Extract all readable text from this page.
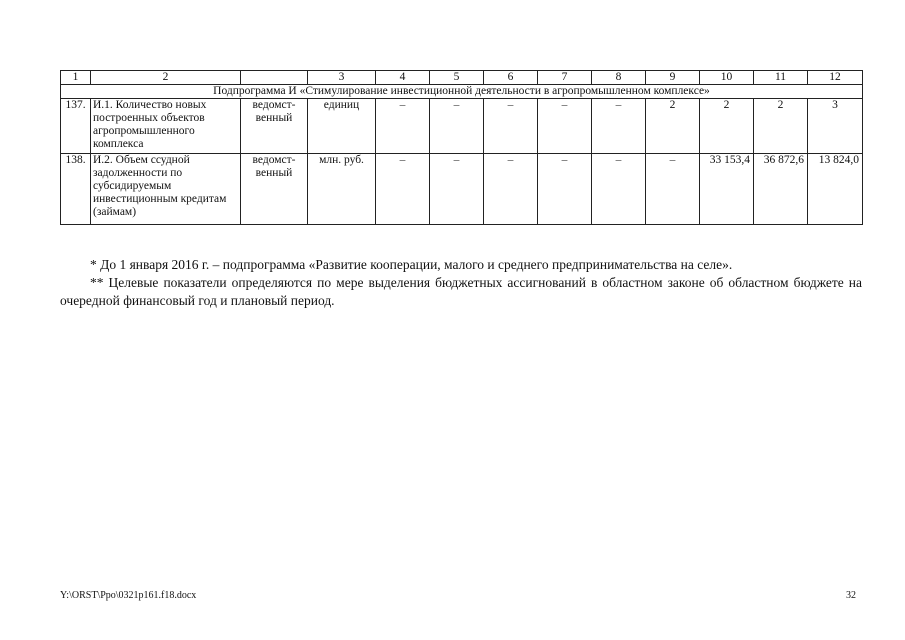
1	2		3	4	5	6	7	8	9	10	11	12
Подпрограмма И «Стимулирование инвестиционной деятельности в агропромышленном комплексе»												
137.	И.1. Количество новых построенных объектов агропромышленного комплекса	ведомст-венный	единиц	–	–	–	–	–	2	2	2	3
138.	И.2. Объем ссудной задолженности по субсидируемым инвестиционным кредитам (займам)	ведомст-венный	млн. руб.	–	–	–	–	–	–	33 153,4	36 872,6	13 824,0

* До 1 января 2016 г. – подпрограмма «Развитие кооперации, малого и среднего предпринимательства на селе».

** Целевые показатели определяются по мере выделения бюджетных ассигнований в областном законе об областном бюджете на очередной финансовый год и плановый период.

Y:\ORST\Ppo\0321p161.f18.docx	32
